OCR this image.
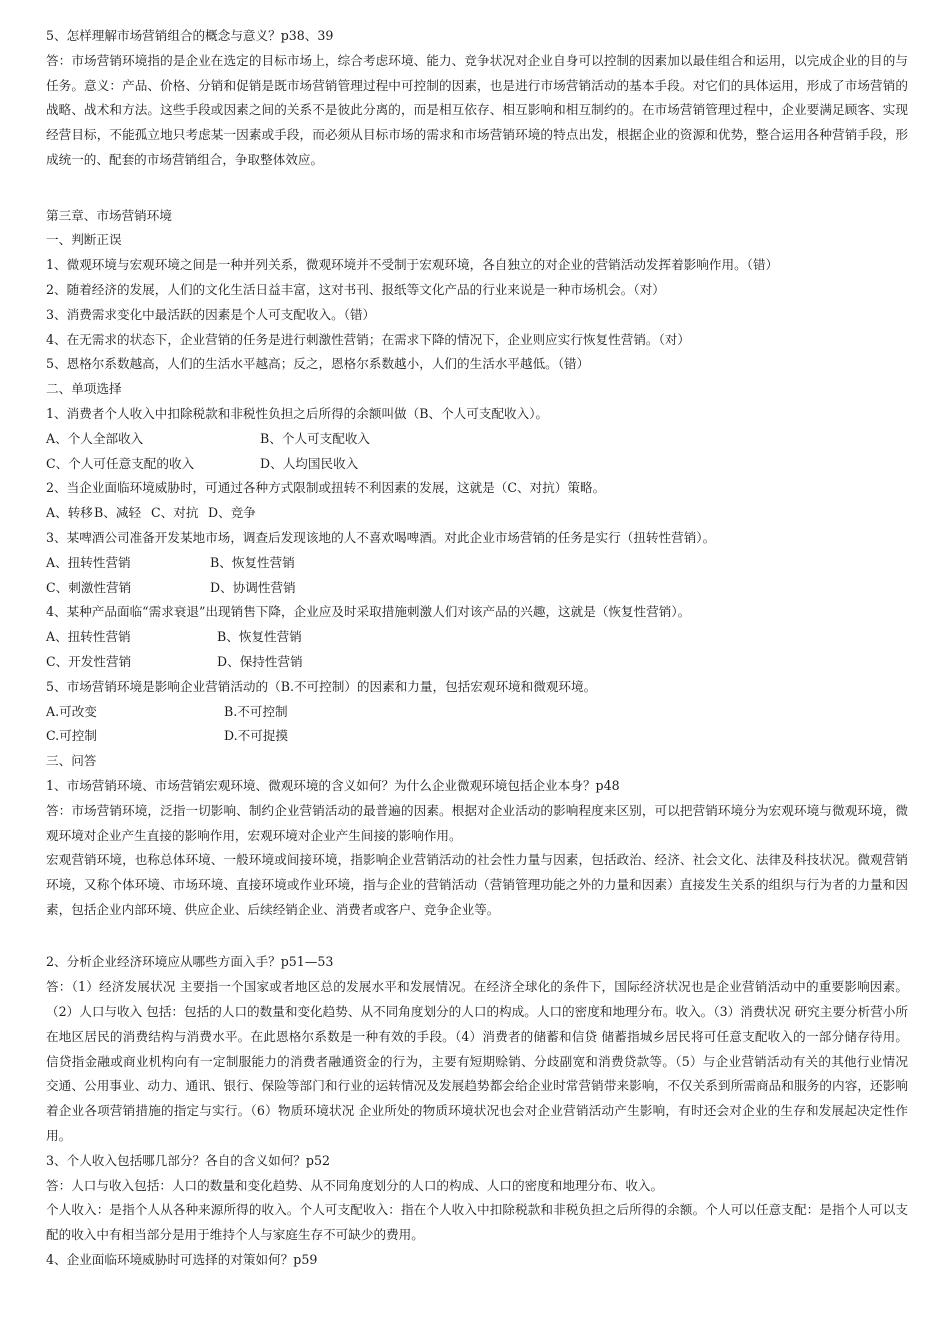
5、怎样理解市场营销组合的概念与意义？p38、39
答：市场营销环境指的是企业在选定的目标市场上，综合考虑环境、能力、竞争状况对企业自身可以控制的因素加以最佳组合和运用，以完成企业的目的与任务。意义：产品、价格、分销和促销是既市场营销管理过程中可控制的因素，也是进行市场营销活动的基本手段。对它们的具体运用，形成了市场营销的战略、战术和方法。这些手段或因素之间的关系不是彼此分离的，而是相互依存、相互影响和相互制约的。在市场营销管理过程中，企业要满足顾客、实现经营目标，不能孤立地只考虑某一因素或手段，而必须从目标市场的需求和市场营销环境的特点出发，根据企业的资源和优势，整合运用各种营销手段，形成统一的、配套的市场营销组合，争取整体效应。
第三章、市场营销环境
一、判断正误
1、微观环境与宏观环境之间是一种并列关系，微观环境并不受制于宏观环境，各自独立的对企业的营销活动发挥着影响作用。（错）
2、随着经济的发展，人们的文化生活日益丰富，这对书刊、报纸等文化产品的行业来说是一种市场机会。（对）
3、消费需求变化中最活跃的因素是个人可支配收入。（错）
4、在无需求的状态下，企业营销的任务是进行刺激性营销；在需求下降的情况下，企业则应实行恢复性营销。（对）
5、恩格尔系数越高，人们的生活水平越高；反之，恩格尔系数越小，人们的生活水平越低。（错）
二、单项选择
1、消费者个人收入中扣除税款和非税性负担之后所得的余额叫做（B、个人可支配收入）。
A、个人全部收入	B、个人可支配收入
C、个人可任意支配的收入	D、人均国民收入
2、当企业面临环境威胁时，可通过各种方式限制或扭转不利因素的发展，这就是（C、对抗）策略。
A、转移 B、减轻 C、对抗 D、竞争
3、某啤酒公司准备开发某地市场，调查后发现该地的人不喜欢喝啤酒。对此企业市场营销的任务是实行（扭转性营销）。
A、扭转性营销	B、恢复性营销
C、刺激性营销	D、协调性营销
4、某种产品面临“需求衰退”出现销售下降，企业应及时采取措施刺激人们对该产品的兴趣，这就是（恢复性营销）。
A、扭转性营销	B、恢复性营销
C、开发性营销	D、保持性营销
5、市场营销环境是影响企业营销活动的（B.不可控制）的因素和力量，包括宏观环境和微观环境。
A.可改变	B.不可控制
C.可控制	D.不可捉摸
三、问答
1、市场营销环境、市场营销宏观环境、微观环境的含义如何？为什么企业微观环境包括企业本身？p48
答：市场营销环境，泛指一切影响、制约企业营销活动的最普遍的因素。根据对企业活动的影响程度来区别，可以把营销环境分为宏观环境与微观环境，微观环境对企业产生直接的影响作用，宏观环境对企业产生间接的影响作用。
宏观营销环境，也称总体环境、一般环境或间接环境，指影响企业营销活动的社会性力量与因素，包括政治、经济、社会文化、法律及科技状况。微观营销环境，又称个体环境、市场环境、直接环境或作业环境，指与企业的营销活动（营销管理功能之外的力量和因素）直接发生关系的组织与行为者的力量和因素，包括企业内部环境、供应企业、后续经销企业、消费者或客户、竞争企业等。
2、分析企业经济环境应从哪些方面入手？p51—53
答：（1）经济发展状况 主要指一个国家或者地区总的发展水平和发展情况。在经济全球化的条件下，国际经济状况也是企业营销活动中的重要影响因素。（2）人口与收入 包括：包括的人口的数量和变化趋势、从不同角度划分的人口的构成。人口的密度和地理分布。收入。（3）消费状况 研究主要分析营小所在地区居民的消费结构与消费水平。在此恩格尔系数是一种有效的手段。（4）消费者的储蓄和信贷 储蓄指城乡居民将可任意支配收入的一部分储存待用。信贷指金融或商业机构向有一定制服能力的消费者融通资金的行为，主要有短期赊销、分歧副宽和消费贷款等。（5）与企业营销活动有关的其他行业情况 交通、公用事业、动力、通讯、银行、保险等部门和行业的运转情况及发展趋势都会给企业时常营销带来影响，不仅关系到所需商品和服务的内容，还影响着企业各项营销措施的指定与实行。（6）物质环境状况 企业所处的物质环境状况也会对企业营销活动产生影响，有时还会对企业的生存和发展起决定性作用。
3、个人收入包括哪几部分？各自的含义如何？p52
答：人口与收入包括：人口的数量和变化趋势、从不同角度划分的人口的构成、人口的密度和地理分布、收入。
个人收入：是指个人从各种来源所得的收入。个人可支配收入：指在个人收入中扣除税款和非税负担之后所得的余额。个人可以任意支配：是指个人可以支配的收入中有相当部分是用于维持个人与家庭生存不可缺少的费用。
4、企业面临环境威胁时可选择的对策如何？p59
